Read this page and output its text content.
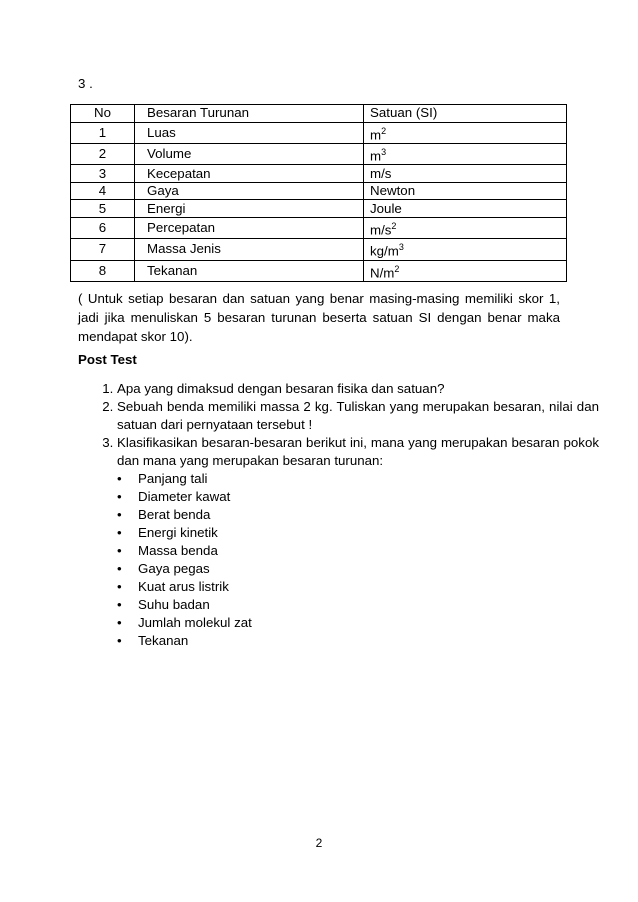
3 .
No	Besaran Turunan	Satuan (SI)
1	Luas	$m^2$
2	Volume	$m^3$
3	Kecepatan	m/s
4	Gaya	Newton
5	Energi	Joule
6	Percepatan	$m/s^2$
7	Massa Jenis	$kg/m^3$
8	Tekanan	$N/m^2$
( Untuk setiap besaran dan satuan yang benar masing-masing memiliki skor 1, jadi jika menuliskan 5 besaran turunan beserta satuan SI dengan benar maka mendapat skor 10).
Post Test
1. Apa yang dimaksud dengan besaran fisika dan satuan?
2. Sebuah benda memiliki massa 2 kg. Tuliskan yang merupakan besaran, nilai dan satuan dari pernyataan tersebut !
3. Klasifikasikan besaran-besaran berikut ini, mana yang merupakan besaran pokok dan mana yang merupakan besaran turunan:
• Panjang tali
• Diameter kawat
• Berat benda
• Energi kinetik
• Massa benda
• Gaya pegas
• Kuat arus listrik
• Suhu badan
• Jumlah molekul zat
• Tekanan
2
